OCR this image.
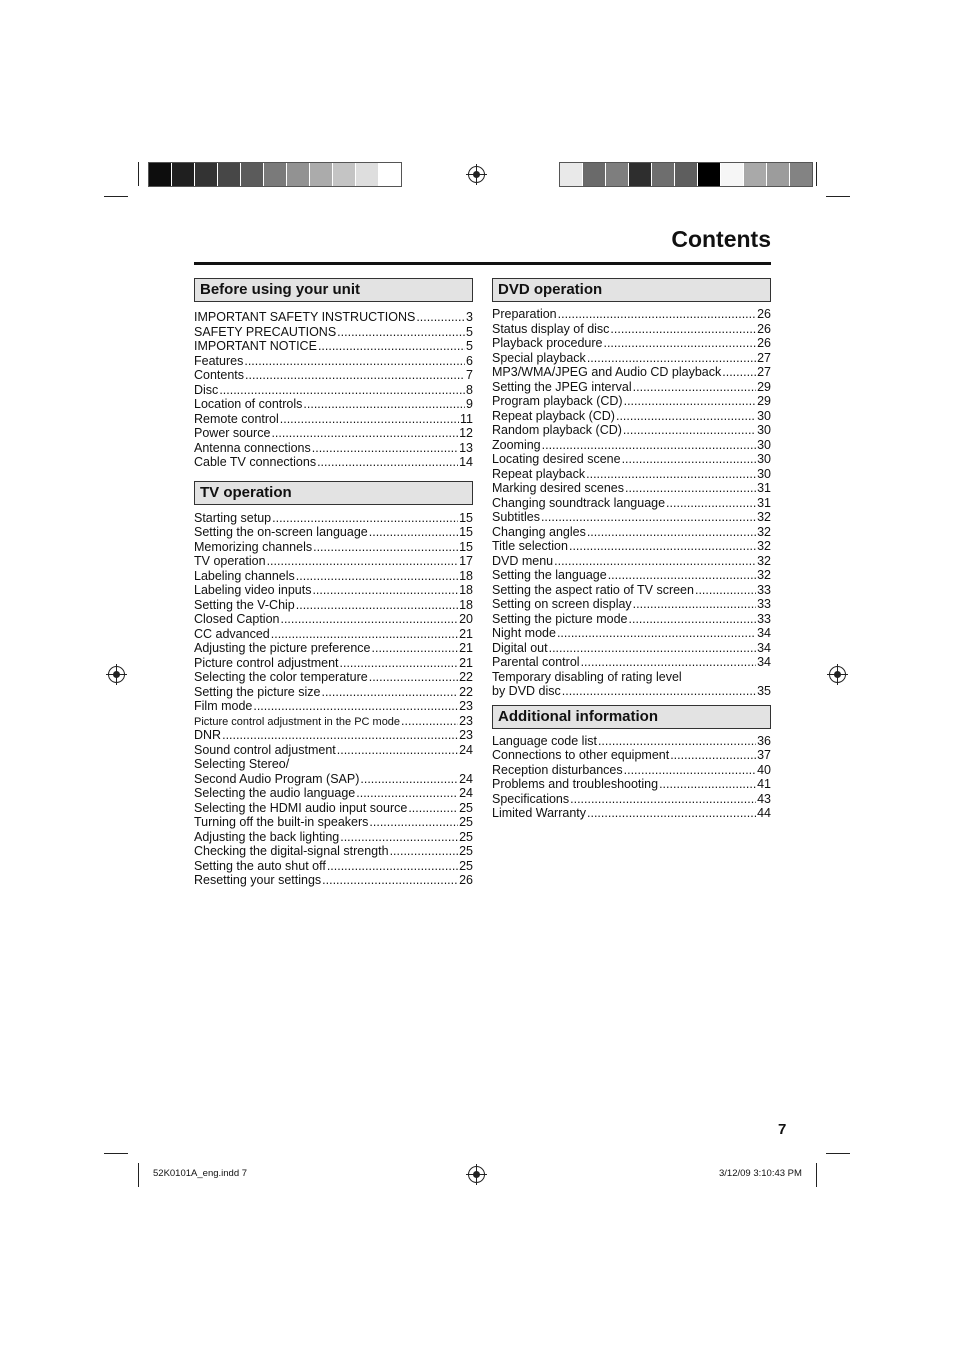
Contents
Before using your unit
IMPORTANT SAFETY INSTRUCTIONS .....	3
SAFETY PRECAUTIONS .....	5
IMPORTANT NOTICE .....	5
Features .....	6
Contents .....	7
Disc .....	8
Location of controls .....	9
Remote control .....	11
Power source .....	12
Antenna connections .....	13
Cable TV connections .....	14
TV operation
Starting setup .....	15
Setting the on-screen language .....	15
Memorizing channels .....	15
TV operation .....	17
Labeling channels .....	18
Labeling video inputs .....	18
Setting the V-Chip .....	18
Closed Caption .....	20
CC advanced .....	21
Adjusting the picture preference .....	21
Picture control adjustment .....	21
Selecting the color temperature .....	22
Setting the picture size .....	22
Film mode .....	23
Picture control adjustment in the PC mode .....	23
DNR .....	23
Sound control adjustment .....	24
Selecting Stereo/
Second Audio Program (SAP) .....	24
Selecting the audio language .....	24
Selecting the HDMI audio input source .....	25
Turning off the built-in speakers .....	25
Adjusting the back lighting .....	25
Checking the digital-signal strength .....	25
Setting the auto shut off .....	25
Resetting your settings .....	26
DVD operation
Preparation .....	26
Status display of disc .....	26
Playback procedure .....	26
Special playback .....	27
MP3/WMA/JPEG and Audio CD playback .....	27
Setting the JPEG interval .....	29
Program playback (CD) .....	29
Repeat playback (CD) .....	30
Random playback (CD) .....	30
Zooming .....	30
Locating desired scene .....	30
Repeat playback .....	30
Marking desired scenes .....	31
Changing soundtrack language .....	31
Subtitles .....	32
Changing angles .....	32
Title selection .....	32
DVD menu .....	32
Setting the language .....	32
Setting the aspect ratio of TV screen .....	33
Setting on screen display .....	33
Setting the picture mode .....	33
Night mode .....	34
Digital out .....	34
Parental control .....	34
Temporary disabling of rating level
by DVD disc .....	35
Additional information
Language code list .....	36
Connections to other equipment .....	37
Reception disturbances .....	40
Problems and troubleshooting .....	41
Specifications .....	43
Limited Warranty .....	44
7
52K0101A_eng.indd 7	3/12/09 3:10:43 PM
